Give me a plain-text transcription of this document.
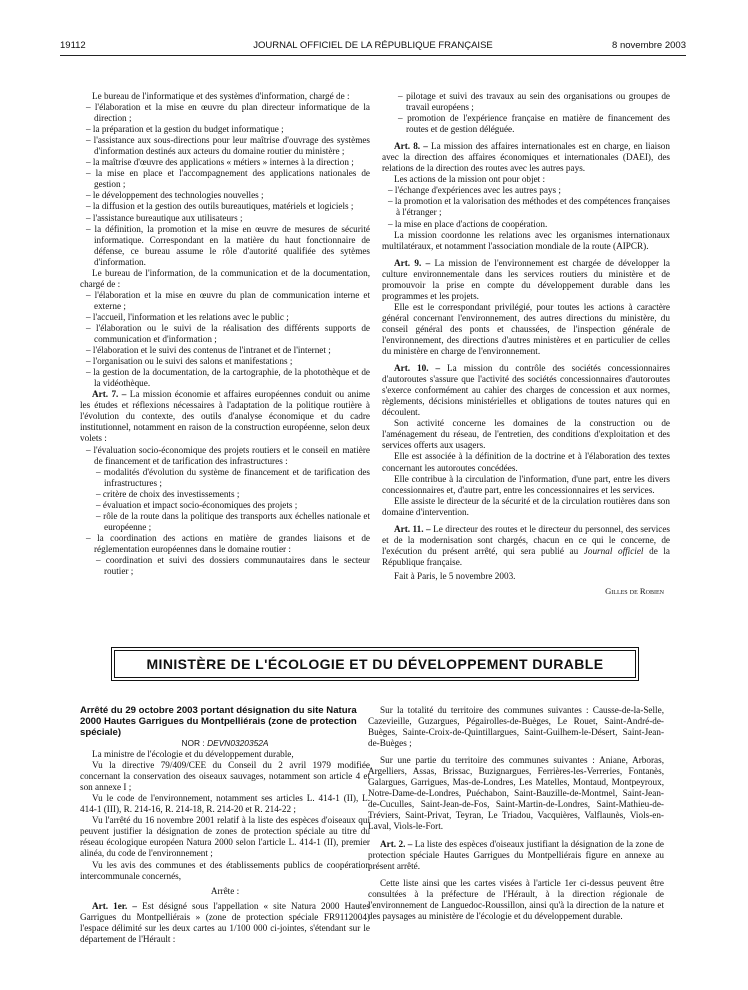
19112	JOURNAL OFFICIEL DE LA RÉPUBLIQUE FRANÇAISE	8 novembre 2003

Le bureau de l'informatique et des systèmes d'information, chargé de :

– l'élaboration et la mise en œuvre du plan directeur informatique de la direction ;

– la préparation et la gestion du budget informatique ;

– l'assistance aux sous-directions pour leur maîtrise d'ouvrage des systèmes d'information destinés aux acteurs du domaine routier du ministère ;

– la maîtrise d'œuvre des applications « métiers » internes à la direction ;

– la mise en place et l'accompagnement des applications nationales de gestion ;

– le développement des technologies nouvelles ;

– la diffusion et la gestion des outils bureautiques, matériels et logiciels ;

– l'assistance bureautique aux utilisateurs ;

– la définition, la promotion et la mise en œuvre de mesures de sécurité informatique. Correspondant en la matière du haut fonctionnaire de défense, ce bureau assume le rôle d'autorité qualifiée des sytèmes d'information.

Le bureau de l'information, de la communication et de la documentation, chargé de :

– l'élaboration et la mise en œuvre du plan de communication interne et externe ;

– l'accueil, l'information et les relations avec le public ;

– l'élaboration ou le suivi de la réalisation des différents supports de communication et d'information ;

– l'élaboration et le suivi des contenus de l'intranet et de l'internet ;

– l'organisation ou le suivi des salons et manifestations ;

– la gestion de la documentation, de la cartographie, de la photothèque et de la vidéothèque.

Art. 7. – La mission économie et affaires européennes conduit ou anime les études et réflexions nécessaires à l'adaptation de la politique routière à l'évolution du contexte, des outils d'analyse économique et du cadre institutionnel, notamment en raison de la construction européenne, selon deux volets :

– l'évaluation socio-économique des projets routiers et le conseil en matière de financement et de tarification des infrastructures :

– modalités d'évolution du système de financement et de tarification des infrastructures ;

– critère de choix des investissements ;

– évaluation et impact socio-économiques des projets ;

– rôle de la route dans la politique des transports aux échelles nationale et européenne ;

– la coordination des actions en matière de grandes liaisons et de réglementation européennes dans le domaine routier :

– coordination et suivi des dossiers communautaires dans le secteur routier ;

– pilotage et suivi des travaux au sein des organisations ou groupes de travail européens ;

– promotion de l'expérience française en matière de financement des routes et de gestion déléguée.

Art. 8. – La mission des affaires internationales est en charge, en liaison avec la direction des affaires économiques et internationales (DAEI), des relations de la direction des routes avec les autres pays.

Les actions de la mission ont pour objet :

– l'échange d'expériences avec les autres pays ;

– la promotion et la valorisation des méthodes et des compétences françaises à l'étranger ;

– la mise en place d'actions de coopération.

La mission coordonne les relations avec les organismes internationaux multilatéraux, et notamment l'association mondiale de la route (AIPCR).

Art. 9. – La mission de l'environnement est chargée de développer la culture environnementale dans les services routiers du ministère et de promouvoir la prise en compte du développement durable dans les programmes et les projets.

Elle est le correspondant privilégié, pour toutes les actions à caractère général concernant l'environnement, des autres directions du ministère, du conseil général des ponts et chaussées, de l'inspection générale de l'environnement, des directions d'autres ministères et en particulier de celles du ministère en charge de l'environnement.

Art. 10. – La mission du contrôle des sociétés concessionnaires d'autoroutes s'assure que l'activité des sociétés concessionnaires d'autoroutes s'exerce conformément au cahier des charges de concession et aux normes, règlements, décisions ministérielles et obligations de toutes natures qui en découlent.

Son activité concerne les domaines de la construction ou de l'aménagement du réseau, de l'entretien, des conditions d'exploitation et des services offerts aux usagers.

Elle est associée à la définition de la doctrine et à l'élaboration des textes concernant les autoroutes concédées.

Elle contribue à la circulation de l'information, d'une part, entre les divers concessionnaires et, d'autre part, entre les concessionnaires et les services.

Elle assiste le directeur de la sécurité et de la circulation routières dans son domaine d'intervention.

Art. 11. – Le directeur des routes et le directeur du personnel, des services et de la modernisation sont chargés, chacun en ce qui le concerne, de l'exécution du présent arrêté, qui sera publié au Journal officiel de la République française.

Fait à Paris, le 5 novembre 2003.

Gilles de Robien

MINISTÈRE DE L'ÉCOLOGIE ET DU DÉVELOPPEMENT DURABLE

Arrêté du 29 octobre 2003 portant désignation du site Natura 2000 Hautes Garrigues du Montpelliérais (zone de protection spéciale)

NOR : DEVN0320352A

La ministre de l'écologie et du développement durable,

Vu la directive 79/409/CEE du Conseil du 2 avril 1979 modifiée concernant la conservation des oiseaux sauvages, notamment son article 4 et son annexe I ;

Vu le code de l'environnement, notamment ses articles L. 414-1 (II), L. 414-1 (III), R. 214-16, R. 214-18, R. 214-20 et R. 214-22 ;

Vu l'arrêté du 16 novembre 2001 relatif à la liste des espèces d'oiseaux qui peuvent justifier la désignation de zones de protection spéciale au titre du réseau écologique européen Natura 2000 selon l'article L. 414-1 (II), premier alinéa, du code de l'environnement ;

Vu les avis des communes et des établissements publics de coopération intercommunale concernés,

Arrête :

Art. 1er. – Est désigné sous l'appellation « site Natura 2000 Hautes Garrigues du Montpelliérais » (zone de protection spéciale FR9112004) l'espace délimité sur les deux cartes au 1/100 000 ci-jointes, s'étendant sur le département de l'Hérault :

Sur la totalité du territoire des communes suivantes : Causse-de-la-Selle, Cazevieille, Guzargues, Pégairolles-de-Buèges, Le Rouet, Saint-André-de-Buèges, Sainte-Croix-de-Quintillargues, Saint-Guilhem-le-Désert, Saint-Jean-de-Buèges ;

Sur une partie du territoire des communes suivantes : Aniane, Arboras, Argelliers, Assas, Brissac, Buzignargues, Ferrières-les-Verreries, Fontanès, Galargues, Garrigues, Mas-de-Londres, Les Matelles, Montaud, Montpeyroux, Notre-Dame-de-Londres, Puéchabon, Saint-Bauzille-de-Montmel, Saint-Jean-de-Cuculles, Saint-Jean-de-Fos, Saint-Martin-de-Londres, Saint-Mathieu-de-Tréviers, Saint-Privat, Teyran, Le Triadou, Vacquières, Valflaunès, Viols-en-Laval, Viols-le-Fort.

Art. 2. – La liste des espèces d'oiseaux justifiant la désignation de la zone de protection spéciale Hautes Garrigues du Montpelliérais figure en annexe au présent arrêté.

Cette liste ainsi que les cartes visées à l'article 1er ci-dessus peuvent être consultées à la préfecture de l'Hérault, à la direction régionale de l'environnement de Languedoc-Roussillon, ainsi qu'à la direction de la nature et des paysages au ministère de l'écologie et du développement durable.
